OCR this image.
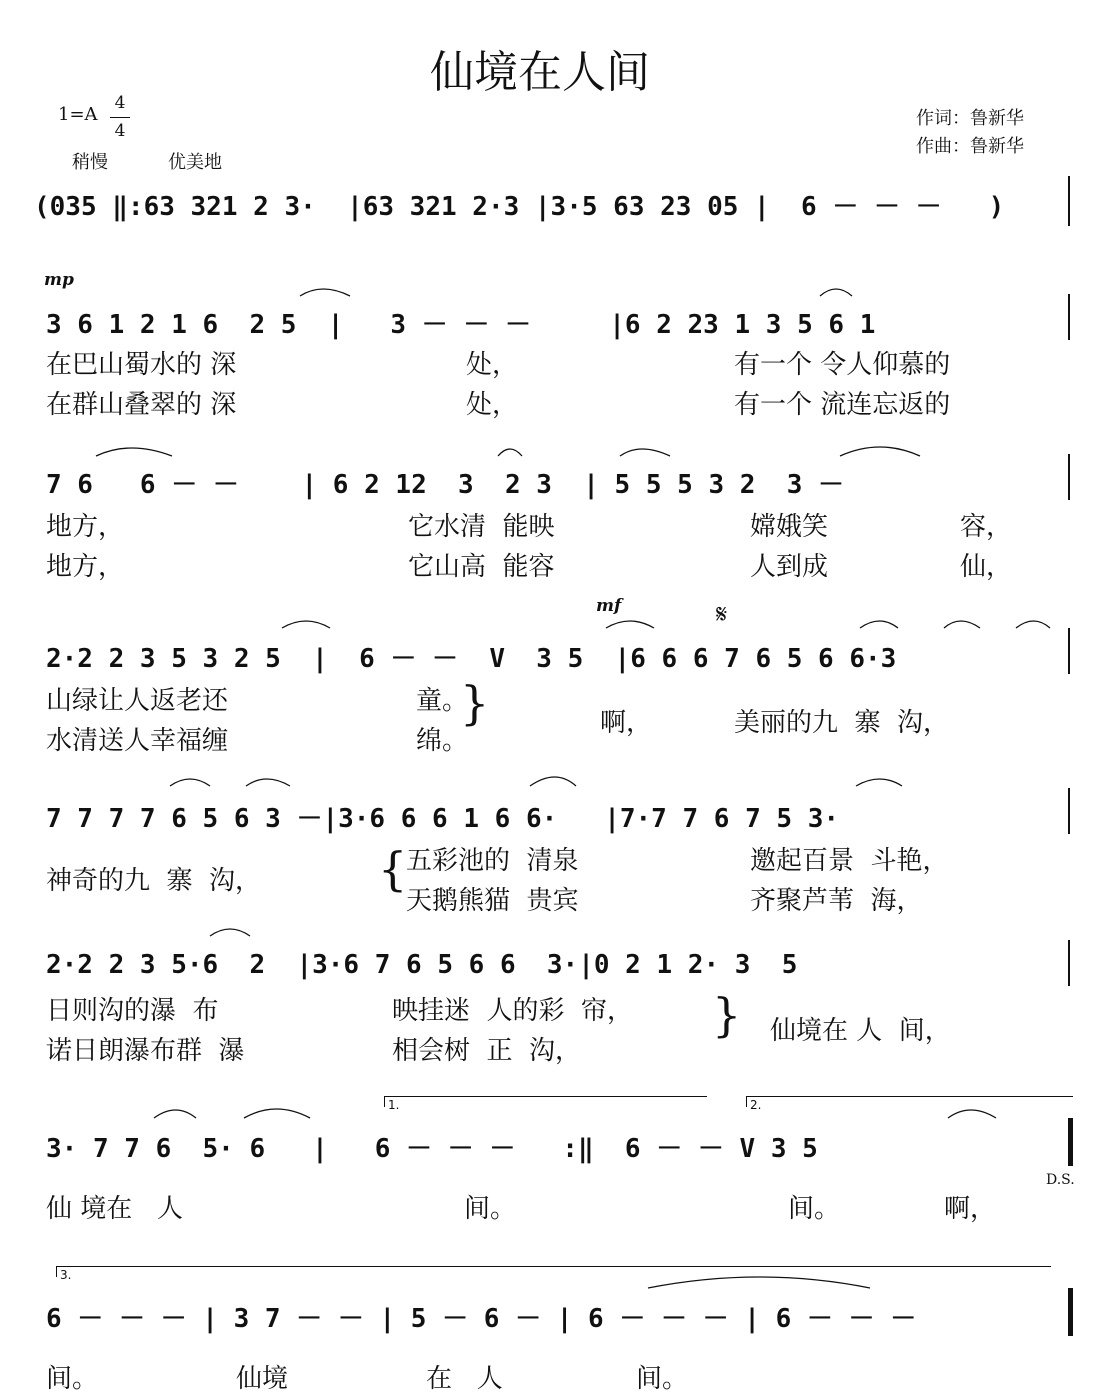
仙境在人间
1=A
4
4
稍慢	优美地
作词：鲁新华
作曲：鲁新华
(035 ‖:63 321 2 3·  |63 321 2·3 |3·5 63 23 05 |  6 － － －   )
mp
3 6 1 2 1 6  2 5  |   3 － － －     |6 2 23 1 3 5 6 1
在巴山蜀水的 深	处，	有一个 令人仰慕的
在群山叠翠的 深	处，	有一个 流连忘返的
7 6   6 － －    | 6 2 12  3  2 3  | 5 5 5 3 2  3 －
地方，	它水清  能映	嫦娥笑	容，
地方，	它山高  能容	人到成	仙，
mf	𝄋
2·2 2 3 5 3 2 5  |  6 － －  V  3 5  |6 6 6 7 6 5 6 6·3
山绿让人返老还	童。
水清送人幸福缠	绵。
}	啊，	美丽的九  寨  沟，
7 7 7 7 6 5 6 3 －|3·6 6 6 1 6 6·   |7·7 7 6 7 5 3·
神奇的九  寨  沟，	{
五彩池的  清泉	邀起百景  斗艳，
天鹅熊猫  贵宾	齐聚芦苇  海，
2·2 2 3 5·6  2  |3·6 7 6 5 6 6  3·|0 2 1 2· 3  5
日则沟的瀑  布	映挂迷  人的彩  帘，
诺日朗瀑布群  瀑	相会树  正  沟，
} 仙境在 人  间，
1.	2.
3· 7 7 6  5· 6   |   6 － － －   :‖  6 － － V 3 5
D.S.
仙 境在   人	间。	间。	啊，
3.
6 － － － | 3 7 － － | 5 － 6 － | 6 － － － | 6 － － －
间。	仙境	在   人	间。
